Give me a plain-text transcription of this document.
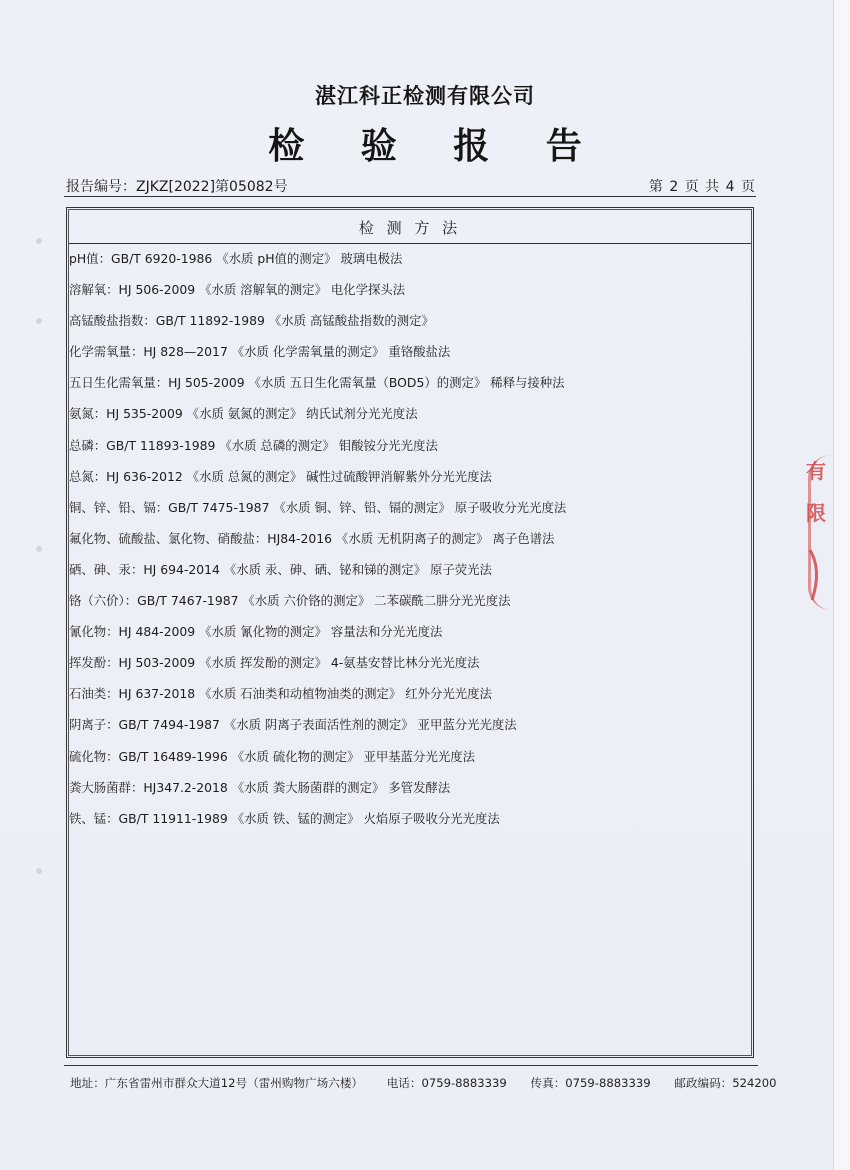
湛江科正检测有限公司
检 验 报 告
报告编号：ZJKZ[2022]第05082号	第 2 页 共 4 页
检 测 方 法
pH值：GB/T 6920-1986 《水质 pH值的测定》 玻璃电极法
溶解氧：HJ 506-2009 《水质 溶解氧的测定》 电化学探头法
高锰酸盐指数：GB/T 11892-1989 《水质 高锰酸盐指数的测定》
化学需氧量：HJ 828—2017 《水质 化学需氧量的测定》 重铬酸盐法
五日生化需氧量：HJ 505-2009 《水质 五日生化需氧量（BOD5）的测定》 稀释与接种法
氨氮：HJ 535-2009 《水质 氨氮的测定》 纳氏试剂分光光度法
总磷：GB/T 11893-1989 《水质 总磷的测定》 钼酸铵分光光度法
总氮：HJ 636-2012 《水质 总氮的测定》 碱性过硫酸钾消解紫外分光光度法
铜、锌、铅、镉：GB/T 7475-1987 《水质 铜、锌、铅、镉的测定》 原子吸收分光光度法
氟化物、硫酸盐、氯化物、硝酸盐：HJ84-2016 《水质 无机阴离子的测定》 离子色谱法
硒、砷、汞：HJ 694-2014 《水质 汞、砷、硒、铋和锑的测定》 原子荧光法
铬（六价）：GB/T 7467-1987 《水质 六价铬的测定》 二苯碳酰二肼分光光度法
氰化物：HJ 484-2009 《水质 氰化物的测定》 容量法和分光光度法
挥发酚：HJ 503-2009 《水质 挥发酚的测定》 4-氨基安替比林分光光度法
石油类：HJ 637-2018 《水质 石油类和动植物油类的测定》 红外分光光度法
阴离子：GB/T 7494-1987 《水质 阴离子表面活性剂的测定》 亚甲蓝分光光度法
硫化物：GB/T 16489-1996 《水质 硫化物的测定》 亚甲基蓝分光光度法
粪大肠菌群：HJ347.2-2018 《水质 粪大肠菌群的测定》 多管发酵法
铁、锰：GB/T 11911-1989 《水质 铁、锰的测定》 火焰原子吸收分光光度法
地址：广东省雷州市群众大道12号（雷州购物广场六楼） 电话：0759-8883339 传真：0759-8883339 邮政编码：524200
有
限
